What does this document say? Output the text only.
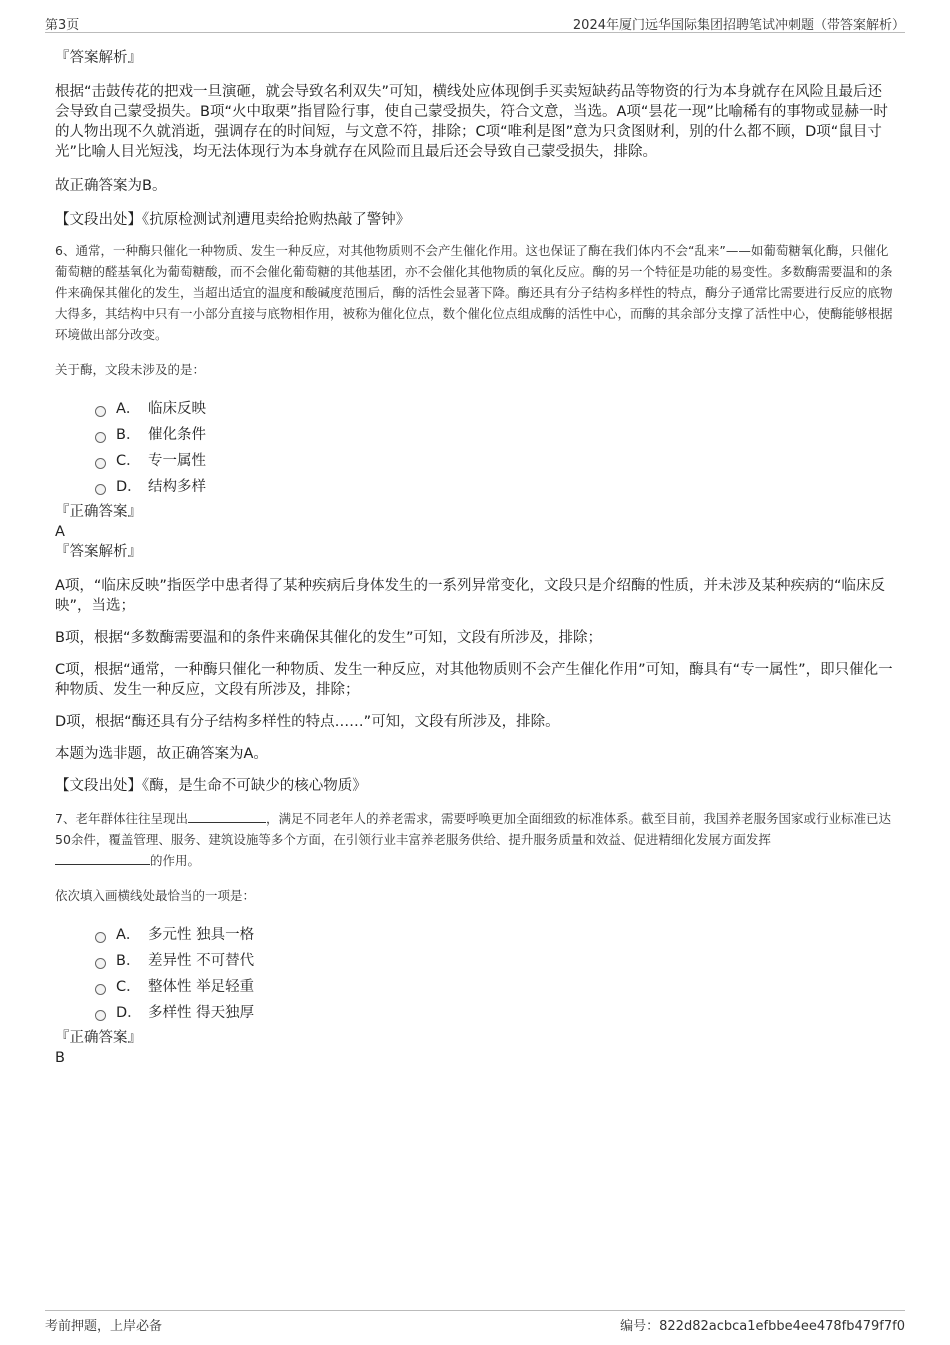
第3页	2024年厦门远华国际集团招聘笔试冲刺题（带答案解析）

『答案解析』

根据“击鼓传花的把戏一旦演砸，就会导致名利双失”可知，横线处应体现倒手买卖短缺药品等物资的行为本身就存在风险且最后还会导致自己蒙受损失。B项“火中取栗”指冒险行事，使自己蒙受损失，符合文意，当选。A项“昙花一现”比喻稀有的事物或显赫一时的人物出现不久就消逝，强调存在的时间短，与文意不符，排除；C项“唯利是图”意为只贪图财利，别的什么都不顾，D项“鼠目寸光”比喻人目光短浅，均无法体现行为本身就存在风险而且最后还会导致自己蒙受损失，排除。

故正确答案为B。

【文段出处】《抗原检测试剂遭甩卖给抢购热敲了警钟》

6、通常，一种酶只催化一种物质、发生一种反应，对其他物质则不会产生催化作用。这也保证了酶在我们体内不会“乱来”——如葡萄糖氧化酶，只催化葡萄糖的醛基氧化为葡萄糖酸，而不会催化葡萄糖的其他基团，亦不会催化其他物质的氧化反应。酶的另一个特征是功能的易变性。多数酶需要温和的条件来确保其催化的发生，当超出适宜的温度和酸碱度范围后，酶的活性会显著下降。酶还具有分子结构多样性的特点，酶分子通常比需要进行反应的底物大得多，其结构中只有一小部分直接与底物相作用，被称为催化位点，数个催化位点组成酶的活性中心，而酶的其余部分支撑了活性中心，使酶能够根据环境做出部分改变。

关于酶，文段未涉及的是：

A． 临床反映
B． 催化条件
C． 专一属性
D． 结构多样

『正确答案』

A

『答案解析』

A项，“临床反映”指医学中患者得了某种疾病后身体发生的一系列异常变化，文段只是介绍酶的性质，并未涉及某种疾病的“临床反映”，当选；

B项，根据“多数酶需要温和的条件来确保其催化的发生”可知，文段有所涉及，排除；

C项，根据“通常，一种酶只催化一种物质、发生一种反应，对其他物质则不会产生催化作用”可知，酶具有“专一属性”，即只催化一种物质、发生一种反应，文段有所涉及，排除；

D项，根据“酶还具有分子结构多样性的特点……”可知，文段有所涉及，排除。

本题为选非题，故正确答案为A。

【文段出处】《酶，是生命不可缺少的核心物质》

7、老年群体往往呈现出	，满足不同老年人的养老需求，需要呼唤更加全面细致的标准体系。截至目前，我国养老服务国家或行业标准已达50余件，覆盖管理、服务、建筑设施等多个方面，在引领行业丰富养老服务供给、提升服务质量和效益、促进精细化发展方面发挥
的作用。

依次填入画横线处最恰当的一项是：

A． 多元性 独具一格
B． 差异性 不可替代
C． 整体性 举足轻重
D． 多样性 得天独厚

『正确答案』

B

考前押题，上岸必备	编号：822d82acbca1efbbe4ee478fb479f7f0
